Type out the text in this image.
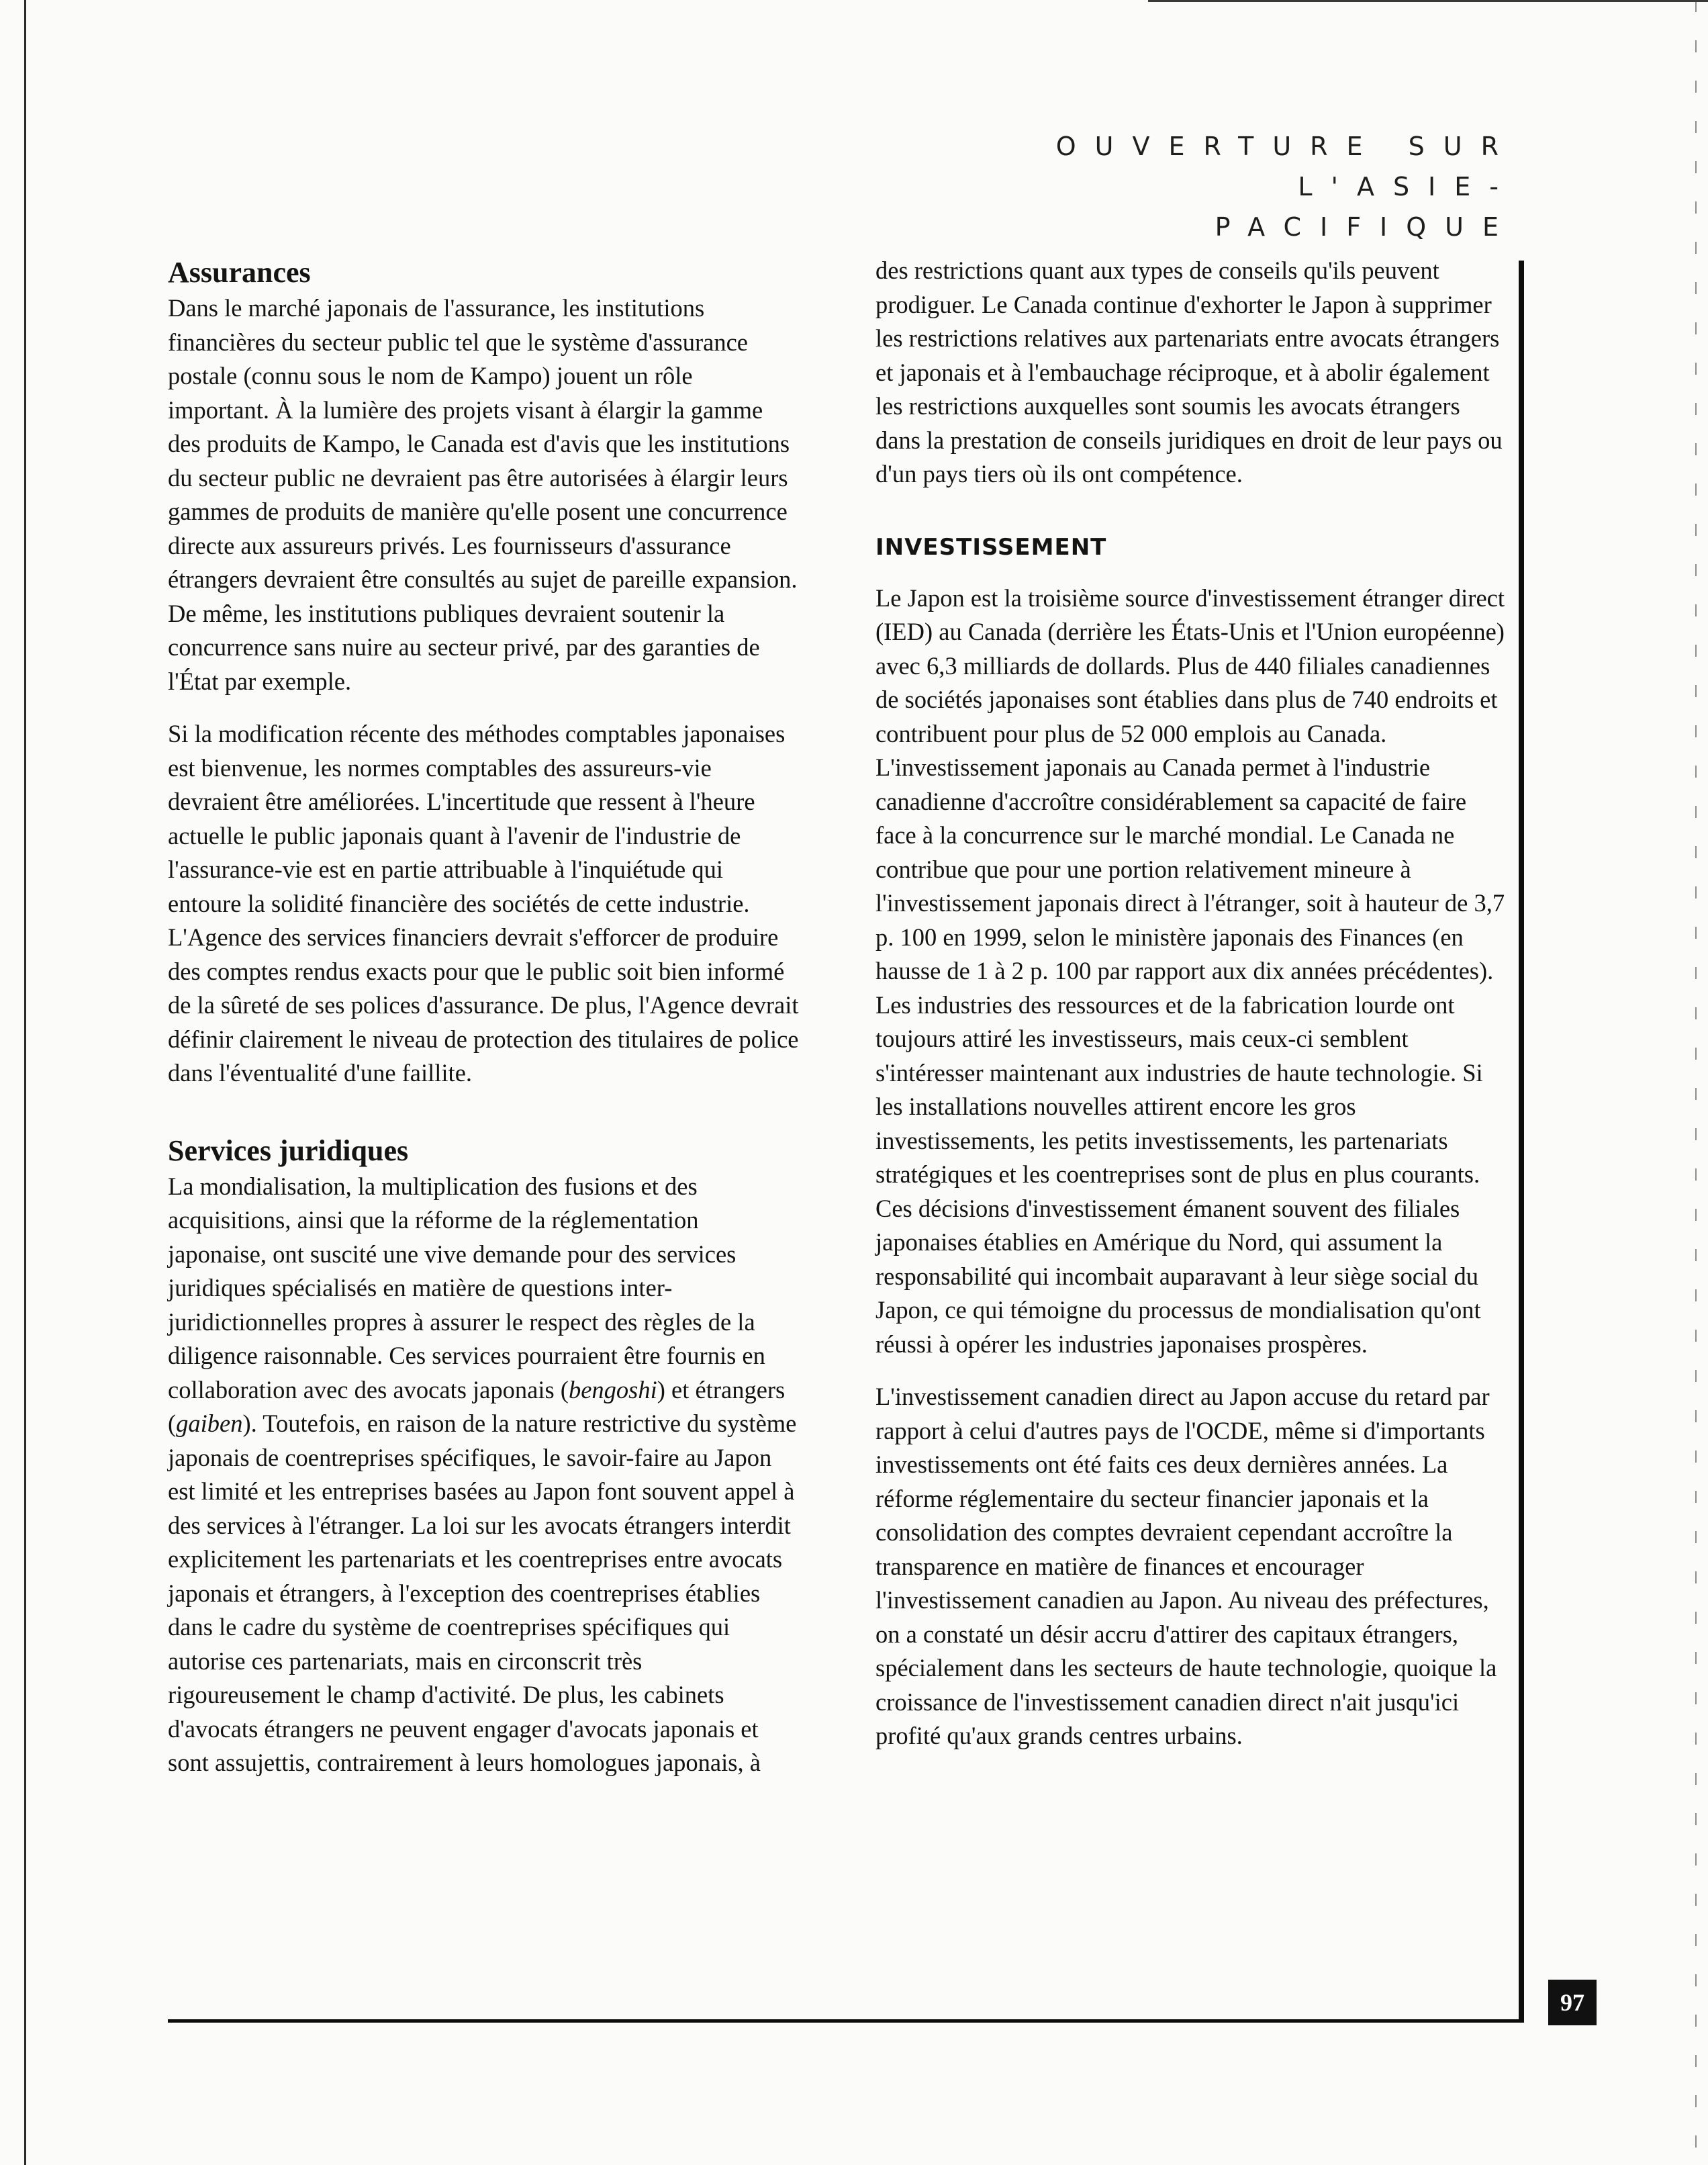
OUVERTURE SUR
L'ASIE-PACIFIQUE
Assurances

Dans le marché japonais de l'assurance, les institutions financières du secteur public tel que le système d'assurance postale (connu sous le nom de Kampo) jouent un rôle important. À la lumière des projets visant à élargir la gamme des produits de Kampo, le Canada est d'avis que les institutions du secteur public ne devraient pas être autorisées à élargir leurs gammes de produits de manière qu'elle posent une concurrence directe aux assureurs privés. Les fournisseurs d'assurance étrangers devraient être consultés au sujet de pareille expansion. De même, les institutions publiques devraient soutenir la concurrence sans nuire au secteur privé, par des garanties de l'État par exemple.

Si la modification récente des méthodes comptables japonaises est bienvenue, les normes comptables des assureurs-vie devraient être améliorées. L'incertitude que ressent à l'heure actuelle le public japonais quant à l'avenir de l'industrie de l'assurance-vie est en partie attribuable à l'inquiétude qui entoure la solidité financière des sociétés de cette industrie. L'Agence des services financiers devrait s'efforcer de produire des comptes rendus exacts pour que le public soit bien informé de la sûreté de ses polices d'assurance. De plus, l'Agence devrait définir clairement le niveau de protection des titulaires de police dans l'éventualité d'une faillite.

Services juridiques

La mondialisation, la multiplication des fusions et des acquisitions, ainsi que la réforme de la réglementation japonaise, ont suscité une vive demande pour des services juridiques spécialisés en matière de questions inter-juridictionnelles propres à assurer le respect des règles de la diligence raisonnable. Ces services pourraient être fournis en collaboration avec des avocats japonais (bengoshi) et étrangers (gaiben). Toutefois, en raison de la nature restrictive du système japonais de coentreprises spécifiques, le savoir-faire au Japon est limité et les entreprises basées au Japon font souvent appel à des services à l'étranger. La loi sur les avocats étrangers interdit explicitement les partenariats et les coentreprises entre avocats japonais et étrangers, à l'exception des coentreprises établies dans le cadre du système de coentreprises spécifiques qui autorise ces partenariats, mais en circonscrit très rigoureusement le champ d'activité. De plus, les cabinets d'avocats étrangers ne peuvent engager d'avocats japonais et sont assujettis, contrairement à leurs homologues japonais, à

des restrictions quant aux types de conseils qu'ils peuvent prodiguer. Le Canada continue d'exhorter le Japon à supprimer les restrictions relatives aux partenariats entre avocats étrangers et japonais et à l'embauchage réciproque, et à abolir également les restrictions auxquelles sont soumis les avocats étrangers dans la prestation de conseils juridiques en droit de leur pays ou d'un pays tiers où ils ont compétence.

INVESTISSEMENT

Le Japon est la troisième source d'investissement étranger direct (IED) au Canada (derrière les États-Unis et l'Union européenne) avec 6,3 milliards de dollards. Plus de 440 filiales canadiennes de sociétés japonaises sont établies dans plus de 740 endroits et contribuent pour plus de 52 000 emplois au Canada. L'investissement japonais au Canada permet à l'industrie canadienne d'accroître considérablement sa capacité de faire face à la concurrence sur le marché mondial. Le Canada ne contribue que pour une portion relativement mineure à l'investissement japonais direct à l'étranger, soit à hauteur de 3,7 p. 100 en 1999, selon le ministère japonais des Finances (en hausse de 1 à 2 p. 100 par rapport aux dix années précédentes). Les industries des ressources et de la fabrication lourde ont toujours attiré les investisseurs, mais ceux-ci semblent s'intéresser maintenant aux industries de haute technologie. Si les installations nouvelles attirent encore les gros investissements, les petits investissements, les partenariats stratégiques et les coentreprises sont de plus en plus courants. Ces décisions d'investissement émanent souvent des filiales japonaises établies en Amérique du Nord, qui assument la responsabilité qui incombait auparavant à leur siège social du Japon, ce qui témoigne du processus de mondialisation qu'ont réussi à opérer les industries japonaises prospères.

L'investissement canadien direct au Japon accuse du retard par rapport à celui d'autres pays de l'OCDE, même si d'importants investissements ont été faits ces deux dernières années. La réforme réglementaire du secteur financier japonais et la consolidation des comptes devraient cependant accroître la transparence en matière de finances et encourager l'investissement canadien au Japon. Au niveau des préfectures, on a constaté un désir accru d'attirer des capitaux étrangers, spécialement dans les secteurs de haute technologie, quoique la croissance de l'investissement canadien direct n'ait jusqu'ici profité qu'aux grands centres urbains.

97
